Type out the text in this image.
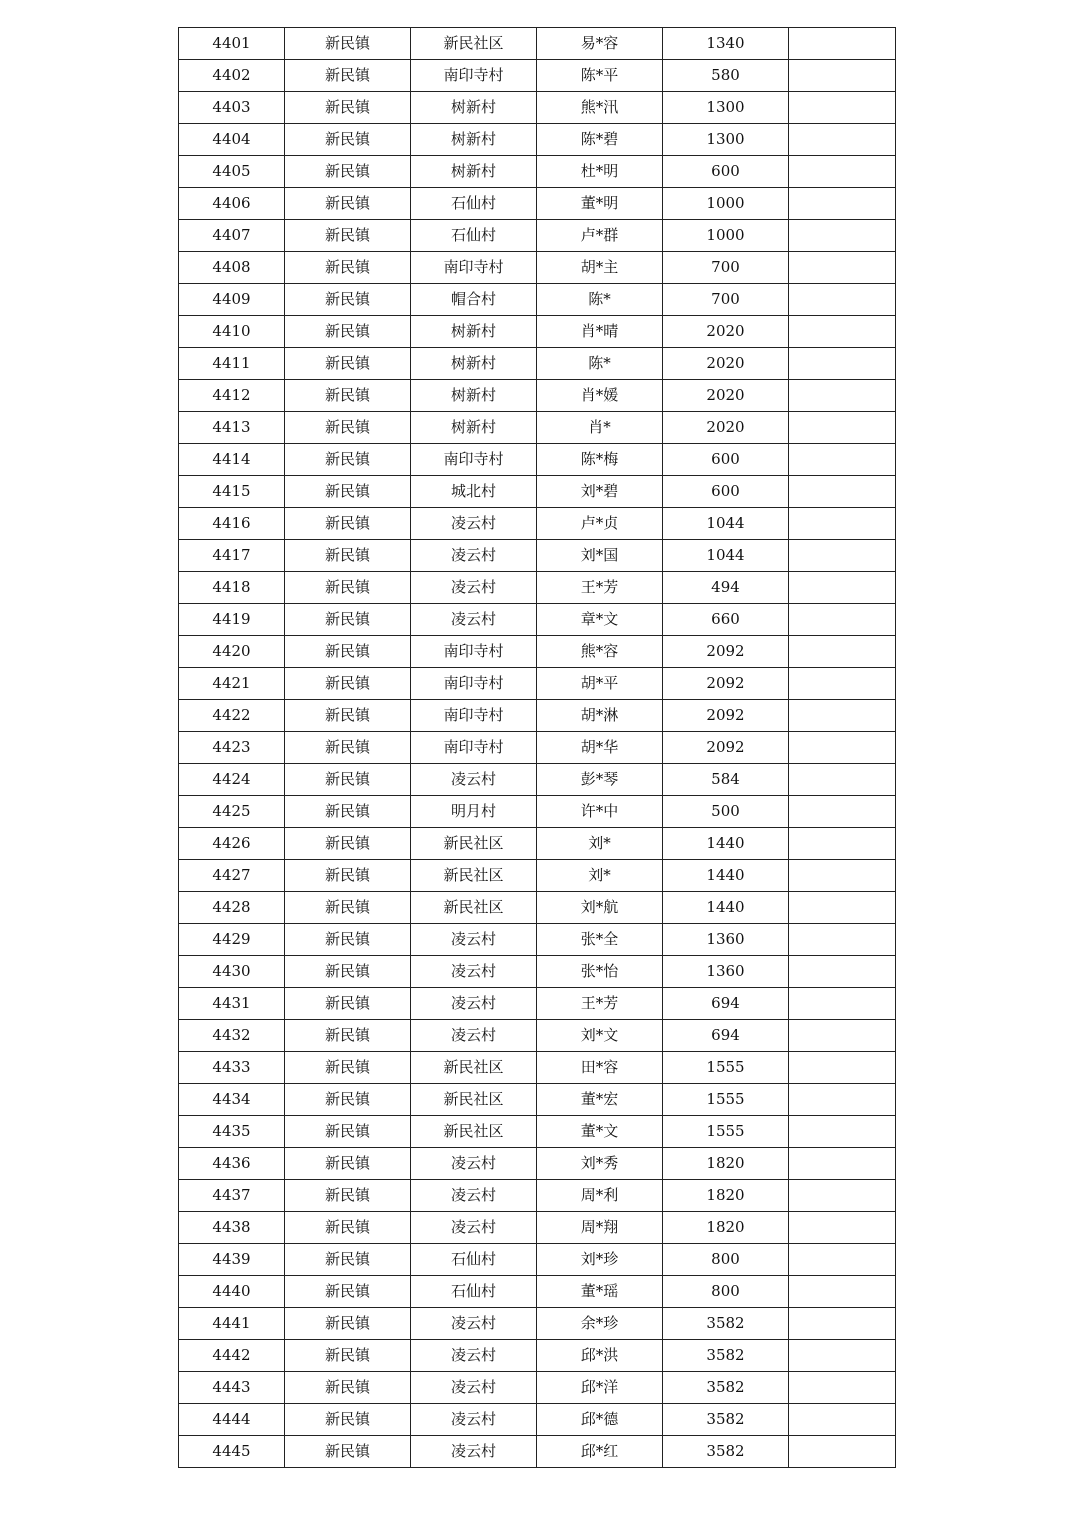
4401	新民镇	新民社区	易*容	1340	
4402	新民镇	南印寺村	陈*平	580	
4403	新民镇	树新村	熊*汛	1300	
4404	新民镇	树新村	陈*碧	1300	
4405	新民镇	树新村	杜*明	600	
4406	新民镇	石仙村	董*明	1000	
4407	新民镇	石仙村	卢*群	1000	
4408	新民镇	南印寺村	胡*主	700	
4409	新民镇	帽合村	陈*	700	
4410	新民镇	树新村	肖*晴	2020	
4411	新民镇	树新村	陈*	2020	
4412	新民镇	树新村	肖*媛	2020	
4413	新民镇	树新村	肖*	2020	
4414	新民镇	南印寺村	陈*梅	600	
4415	新民镇	城北村	刘*碧	600	
4416	新民镇	凌云村	卢*贞	1044	
4417	新民镇	凌云村	刘*国	1044	
4418	新民镇	凌云村	王*芳	494	
4419	新民镇	凌云村	章*文	660	
4420	新民镇	南印寺村	熊*容	2092	
4421	新民镇	南印寺村	胡*平	2092	
4422	新民镇	南印寺村	胡*淋	2092	
4423	新民镇	南印寺村	胡*华	2092	
4424	新民镇	凌云村	彭*琴	584	
4425	新民镇	明月村	许*中	500	
4426	新民镇	新民社区	刘*	1440	
4427	新民镇	新民社区	刘*	1440	
4428	新民镇	新民社区	刘*航	1440	
4429	新民镇	凌云村	张*全	1360	
4430	新民镇	凌云村	张*怡	1360	
4431	新民镇	凌云村	王*芳	694	
4432	新民镇	凌云村	刘*文	694	
4433	新民镇	新民社区	田*容	1555	
4434	新民镇	新民社区	董*宏	1555	
4435	新民镇	新民社区	董*文	1555	
4436	新民镇	凌云村	刘*秀	1820	
4437	新民镇	凌云村	周*利	1820	
4438	新民镇	凌云村	周*翔	1820	
4439	新民镇	石仙村	刘*珍	800	
4440	新民镇	石仙村	董*瑶	800	
4441	新民镇	凌云村	余*珍	3582	
4442	新民镇	凌云村	邱*洪	3582	
4443	新民镇	凌云村	邱*洋	3582	
4444	新民镇	凌云村	邱*德	3582	
4445	新民镇	凌云村	邱*红	3582	
